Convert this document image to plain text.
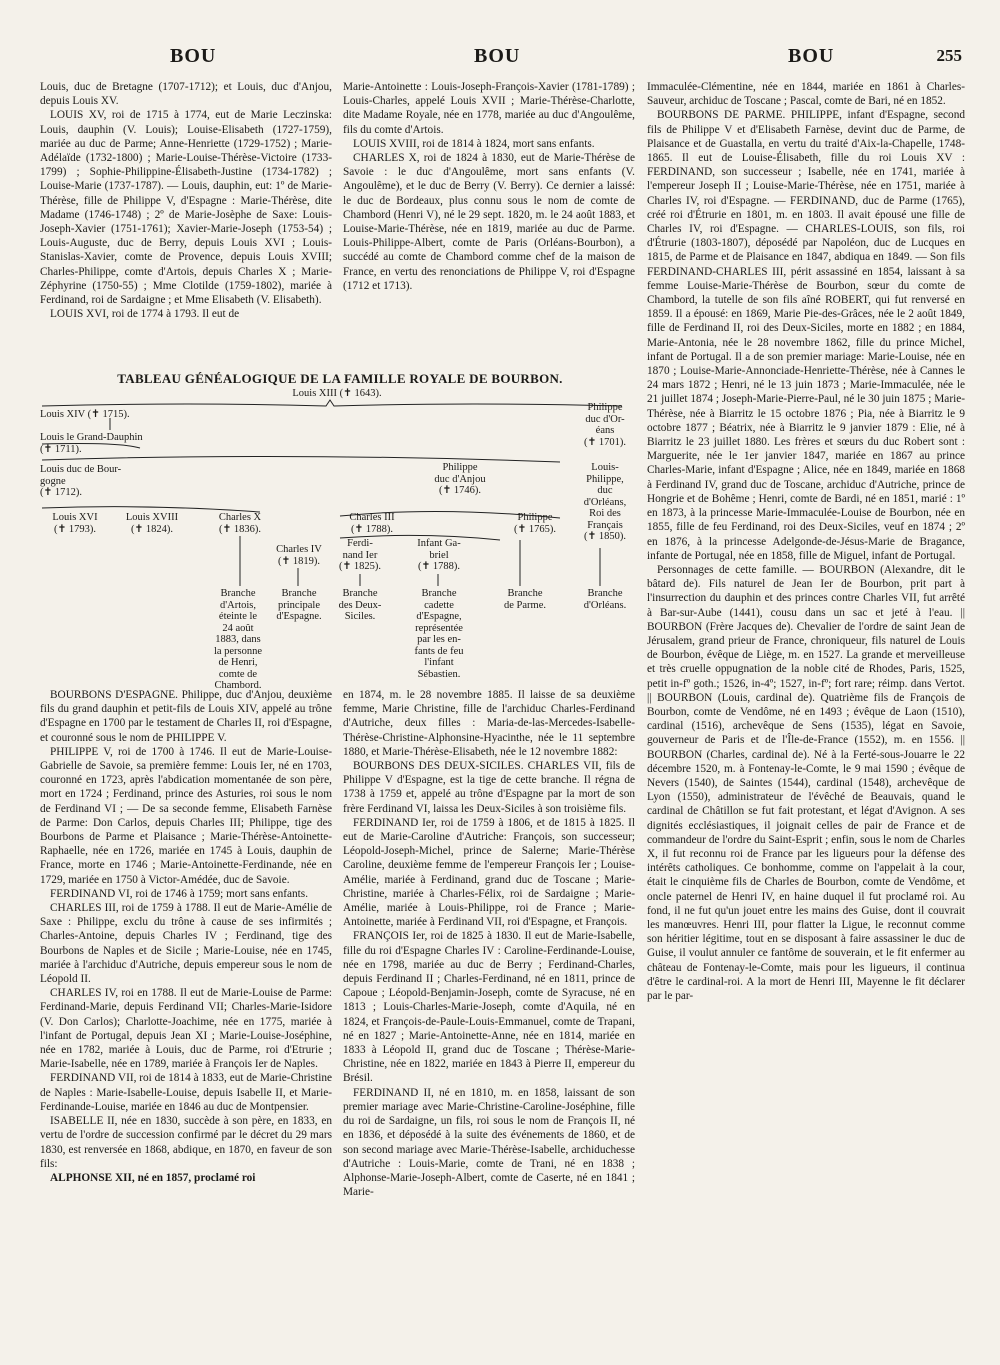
BOU	BOU	BOU	255

Louis, duc de Bretagne (1707-1712); et Louis, duc d'Anjou, depuis Louis XV.

LOUIS XV, roi de 1715 à 1774, eut de Marie Leczinska: Louis, dauphin (V. Louis); Louise-Elisabeth (1727-1759), mariée au duc de Parme; Anne-Henriette (1729-1752) ; Marie-Adélaïde (1732-1800) ; Marie-Louise-Thérèse-Victoire (1733-1799) ; Sophie-Philippine-Élisabeth-Justine (1734-1782) ; Louise-Marie (1737-1787). — Louis, dauphin, eut: 1º de Marie-Thérèse, fille de Philippe V, d'Espagne : Marie-Thérèse, dite Madame (1746-1748) ; 2º de Marie-Josèphe de Saxe: Louis-Joseph-Xavier (1751-1761); Xavier-Marie-Joseph (1753-54) ; Louis-Auguste, duc de Berry, depuis Louis XVI ; Louis-Stanislas-Xavier, comte de Provence, depuis Louis XVIII; Charles-Philippe, comte d'Artois, depuis Charles X ; Marie-Zéphyrine (1750-55) ; Mme Clotilde (1759-1802), mariée à Ferdinand, roi de Sardaigne ; et Mme Elisabeth (V. Elisabeth).

LOUIS XVI, roi de 1774 à 1793. Il eut de

Marie-Antoinette : Louis-Joseph-François-Xavier (1781-1789) ; Louis-Charles, appelé Louis XVII ; Marie-Thérèse-Charlotte, dite Madame Royale, née en 1778, mariée au duc d'Angoulême, fils du comte d'Artois.

LOUIS XVIII, roi de 1814 à 1824, mort sans enfants.

CHARLES X, roi de 1824 à 1830, eut de Marie-Thérèse de Savoie : le duc d'Angoulême, mort sans enfants (V. Angoulême), et le duc de Berry (V. Berry). Ce dernier a laissé: le duc de Bordeaux, plus connu sous le nom de comte de Chambord (Henri V), né le 29 sept. 1820, m. le 24 août 1883, et Louise-Marie-Thérèse, née en 1819, mariée au duc de Parme. Louis-Philippe-Albert, comte de Paris (Orléans-Bourbon), a succédé au comte de Chambord comme chef de la maison de France, en vertu des renonciations de Philippe V, roi d'Espagne (1712 et 1713).

Immaculée-Clémentine, née en 1844, mariée en 1861 à Charles-Sauveur, archiduc de Toscane ; Pascal, comte de Bari, né en 1852.

BOURBONS DE PARME. PHILIPPE, infant d'Espagne, second fils de Philippe V et d'Elisabeth Farnèse, devint duc de Parme, de Plaisance et de Guastalla, en vertu du traité d'Aix-la-Chapelle, 1748-1865. Il eut de Louise-Élisabeth, fille du roi Louis XV : FERDINAND, son successeur ; Isabelle, née en 1741, mariée à l'empereur Joseph II ; Louise-Marie-Thérèse, née en 1751, mariée à Charles IV, roi d'Espagne. — FERDINAND, duc de Parme (1765), créé roi d'Étrurie en 1801, m. en 1803. Il avait épousé une fille de Charles IV, roi d'Espagne. — CHARLES-LOUIS, son fils, roi d'Étrurie (1803-1807), déposédé par Napoléon, duc de Lucques en 1815, de Parme et de Plaisance en 1847, abdiqua en 1849. — Son fils FERDINAND-CHARLES III, périt assassiné en 1854, laissant à sa femme Louise-Marie-Thérèse de Bourbon, sœur du comte de Chambord, la tutelle de son fils aîné ROBERT, qui fut renversé en 1859. Il a épousé: en 1869, Marie Pie-des-Grâces, née le 2 août 1849, fille de Ferdinand II, roi des Deux-Siciles, morte en 1882 ; en 1884, Marie-Antonia, née le 28 novembre 1862, fille du prince Michel, infant de Portugal. Il a de son premier mariage: Marie-Louise, née en 1870 ; Louise-Marie-Annonciade-Henriette-Thérèse, née à Cannes le 24 mars 1872 ; Henri, né le 13 juin 1873 ; Marie-Immaculée, née le 21 juillet 1874 ; Joseph-Marie-Pierre-Paul, né le 30 juin 1875 ; Marie-Thérèse, née à Biarritz le 15 octobre 1876 ; Pia, née à Biarritz le 9 octobre 1877 ; Béatrix, née à Biarritz le 9 janvier 1879 : Elie, né à Biarritz le 23 juillet 1880. Les frères et sœurs du duc Robert sont : Marguerite, née le 1er janvier 1847, mariée en 1867 au prince Charles-Marie, infant d'Espagne ; Alice, née en 1849, mariée en 1868 à Ferdinand IV, grand duc de Toscane, archiduc d'Autriche, prince de Hongrie et de Bohême ; Henri, comte de Bardi, né en 1851, marié : 1º en 1873, à la princesse Marie-Immaculée-Louise de Bourbon, née en 1855, fille de feu Ferdinand, roi des Deux-Siciles, veuf en 1874 ; 2º en 1876, à la princesse Adelgonde-de-Jésus-Marie de Bragance, infante de Portugal, née en 1858, fille de Miguel, infant de Portugal.

Personnages de cette famille. — BOURBON (Alexandre, dit le bâtard de). Fils naturel de Jean Ier de Bourbon, prit part à l'insurrection du dauphin et des princes contre Charles VII, fut arrêté à Bar-sur-Aube (1441), cousu dans un sac et jeté à l'eau. || BOURBON (Frère Jacques de). Chevalier de l'ordre de saint Jean de Jérusalem, grand prieur de France, chroniqueur, fils naturel de Louis de Bourbon, évêque de Liège, m. en 1527. La grande et merveilleuse et très cruelle oppugnation de la noble cité de Rhodes, Paris, 1525, petit in-fº goth.; 1526, in-4º; 1527, in-fº; fort rare; réimp. dans Vertot. || BOURBON (Louis, cardinal de). Quatrième fils de François de Bourbon, comte de Vendôme, né en 1493 ; évêque de Laon (1510), cardinal (1516), archevêque de Sens (1535), légat en Savoie, gouverneur de Paris et de l'Île-de-France (1552), m. en 1556. || BOURBON (Charles, cardinal de). Né à la Ferté-sous-Jouarre le 22 décembre 1520, m. à Fontenay-le-Comte, le 9 mai 1590 ; évêque de Nevers (1540), de Saintes (1544), cardinal (1548), archevêque de Lyon (1550), administrateur de l'évêché de Beauvais, quand le cardinal de Châtillon se fut fait protestant, et légat d'Avignon. A ses dignités ecclésiastiques, il joignait celles de pair de France et de commandeur de l'ordre du Saint-Esprit ; enfin, sous le nom de Charles X, il fut reconnu roi de France par les ligueurs pour la défense des intérêts catholiques. Ce bonhomme, comme on l'appelait à la cour, était le cinquième fils de Charles de Bourbon, comte de Vendôme, et oncle paternel de Henri IV, en haine duquel il fut proclamé roi. Au fond, il ne fut qu'un jouet entre les mains des Guise, dont il couvrait les manœuvres. Henri III, pour flatter la Ligue, le reconnut comme son héritier légitime, tout en se disposant à faire assassiner le duc de Guise, il voulut annuler ce fantôme de souverain, et le fit enfermer au château de Fontenay-le-Comte, mais pour les ligueurs, il continua d'être le cardinal-roi. A la mort de Henri III, Mayenne le fit déclarer par le par-

TABLEAU GÉNÉALOGIQUE DE LA FAMILLE ROYALE DE BOURBON.
Louis XIII (✝ 1643).
Louis XIV (✝ 1715).
Louis le Grand-Dauphin
(✝ 1711).
Louis duc de Bour-
gogne
(✝ 1712).
Philippe
duc d'Or-
éans
(✝ 1701).
Philippe
duc d'Anjou
(✝ 1746).
Louis-
Philippe,
duc
d'Orléans,
Roi des
Français
(✝ 1850).
Louis XVI
(✝ 1793).
Louis XVIII
(✝ 1824).
Charles X
(✝ 1836).
Charles III
(✝ 1788).
Philippe
(✝ 1765).
Charles IV
(✝ 1819).
Ferdi-
nand Ier
(✝ 1825).
Infant Ga-
briel
(✝ 1788).
Branche
d'Artois,
éteinte le
24 août
1883, dans
la personne
de Henri,
comte de
Chambord.
Branche
principale
d'Espagne.
Branche
des Deux-
Siciles.
Branche
cadette
d'Espagne,
représentée
par les en-
fants de feu
l'infant
Sébastien.
Branche
de Parme.
Branche
d'Orléans.

BOURBONS D'ESPAGNE. Philippe, duc d'Anjou, deuxième fils du grand dauphin et petit-fils de Louis XIV, appelé au trône d'Espagne en 1700 par le testament de Charles II, roi d'Espagne, et couronné sous le nom de PHILIPPE V.

PHILIPPE V, roi de 1700 à 1746. Il eut de Marie-Louise-Gabrielle de Savoie, sa première femme: Louis Ier, né en 1703, couronné en 1723, après l'abdication momentanée de son père, mort en 1724 ; Ferdinand, prince des Asturies, roi sous le nom de Ferdinand VI ; — De sa seconde femme, Elisabeth Farnèse de Parme: Don Carlos, depuis Charles III; Philippe, tige des Bourbons de Parme et Plaisance ; Marie-Thérèse-Antoinette-Raphaelle, née en 1726, mariée en 1745 à Louis, dauphin de France, morte en 1746 ; Marie-Antoinette-Ferdinande, née en 1729, mariée en 1750 à Victor-Amédée, duc de Savoie.

FERDINAND VI, roi de 1746 à 1759; mort sans enfants.

CHARLES III, roi de 1759 à 1788. Il eut de Marie-Amélie de Saxe : Philippe, exclu du trône à cause de ses infirmités ; Charles-Antoine, depuis Charles IV ; Ferdinand, tige des Bourbons de Naples et de Sicile ; Marie-Louise, née en 1745, mariée à l'archiduc d'Autriche, depuis empereur sous le nom de Léopold II.

CHARLES IV, roi en 1788. Il eut de Marie-Louise de Parme: Ferdinand-Marie, depuis Ferdinand VII; Charles-Marie-Isidore (V. Don Carlos); Charlotte-Joachime, née en 1775, mariée à l'infant de Portugal, depuis Jean XI ; Marie-Louise-Joséphine, née en 1782, mariée à Louis, duc de Parme, roi d'Etrurie ; Marie-Isabelle, née en 1789, mariée à François Ier de Naples.

FERDINAND VII, roi de 1814 à 1833, eut de Marie-Christine de Naples : Marie-Isabelle-Louise, depuis Isabelle II, et Marie-Ferdinande-Louise, mariée en 1846 au duc de Montpensier.

ISABELLE II, née en 1830, succède à son père, en 1833, en vertu de l'ordre de succession confirmé par le décret du 29 mars 1830, est renversée en 1868, abdique, en 1870, en faveur de son fils:

ALPHONSE XII, né en 1857, proclamé roi

en 1874, m. le 28 novembre 1885. Il laisse de sa deuxième femme, Marie Christine, fille de l'archiduc Charles-Ferdinand d'Autriche, deux filles : Maria-de-las-Mercedes-Isabelle-Thérèse-Christine-Alphonsine-Hyacinthe, née le 11 septembre 1880, et Marie-Thérèse-Elisabeth, née le 12 novembre 1882:

BOURBONS DES DEUX-SICILES. CHARLES VII, fils de Philippe V d'Espagne, est la tige de cette branche. Il régna de 1738 à 1759 et, appelé au trône d'Espagne par la mort de son frère Ferdinand VI, laissa les Deux-Siciles à son troisième fils.

FERDINAND Ier, roi de 1759 à 1806, et de 1815 à 1825. Il eut de Marie-Caroline d'Autriche: François, son successeur; Léopold-Joseph-Michel, prince de Salerne; Marie-Thérèse Caroline, deuxième femme de l'empereur François Ier ; Louise-Amélie, mariée à Ferdinand, grand duc de Toscane ; Marie-Christine, mariée à Charles-Félix, roi de Sardaigne ; Marie-Amélie, mariée à Louis-Philippe, roi de France ; Marie-Antoinette, mariée à Ferdinand VII, roi d'Espagne, et François.

FRANÇOIS Ier, roi de 1825 à 1830. Il eut de Marie-Isabelle, fille du roi d'Espagne Charles IV : Caroline-Ferdinande-Louise, née en 1798, mariée au duc de Berry ; Ferdinand-Charles, depuis Ferdinand II ; Charles-Ferdinand, né en 1811, prince de Capoue ; Léopold-Benjamin-Joseph, comte de Syracuse, né en 1813 ; Louis-Charles-Marie-Joseph, comte d'Aquila, né en 1824, et François-de-Paule-Louis-Emmanuel, comte de Trapani, né en 1827 ; Marie-Antoinette-Anne, née en 1814, mariée en 1833 à Léopold II, grand duc de Toscane ; Thérèse-Marie-Christine, née en 1822, mariée en 1843 à Pierre II, empereur du Brésil.

FERDINAND II, né en 1810, m. en 1858, laissant de son premier mariage avec Marie-Christine-Caroline-Joséphine, fille du roi de Sardaigne, un fils, roi sous le nom de François II, né en 1836, et déposédé à la suite des événements de 1860, et de son second mariage avec Marie-Thérèse-Isabelle, archiduchesse d'Autriche : Louis-Marie, comte de Trani, né en 1838 ; Alphonse-Marie-Joseph-Albert, comte de Caserte, né en 1841 ; Marie-
